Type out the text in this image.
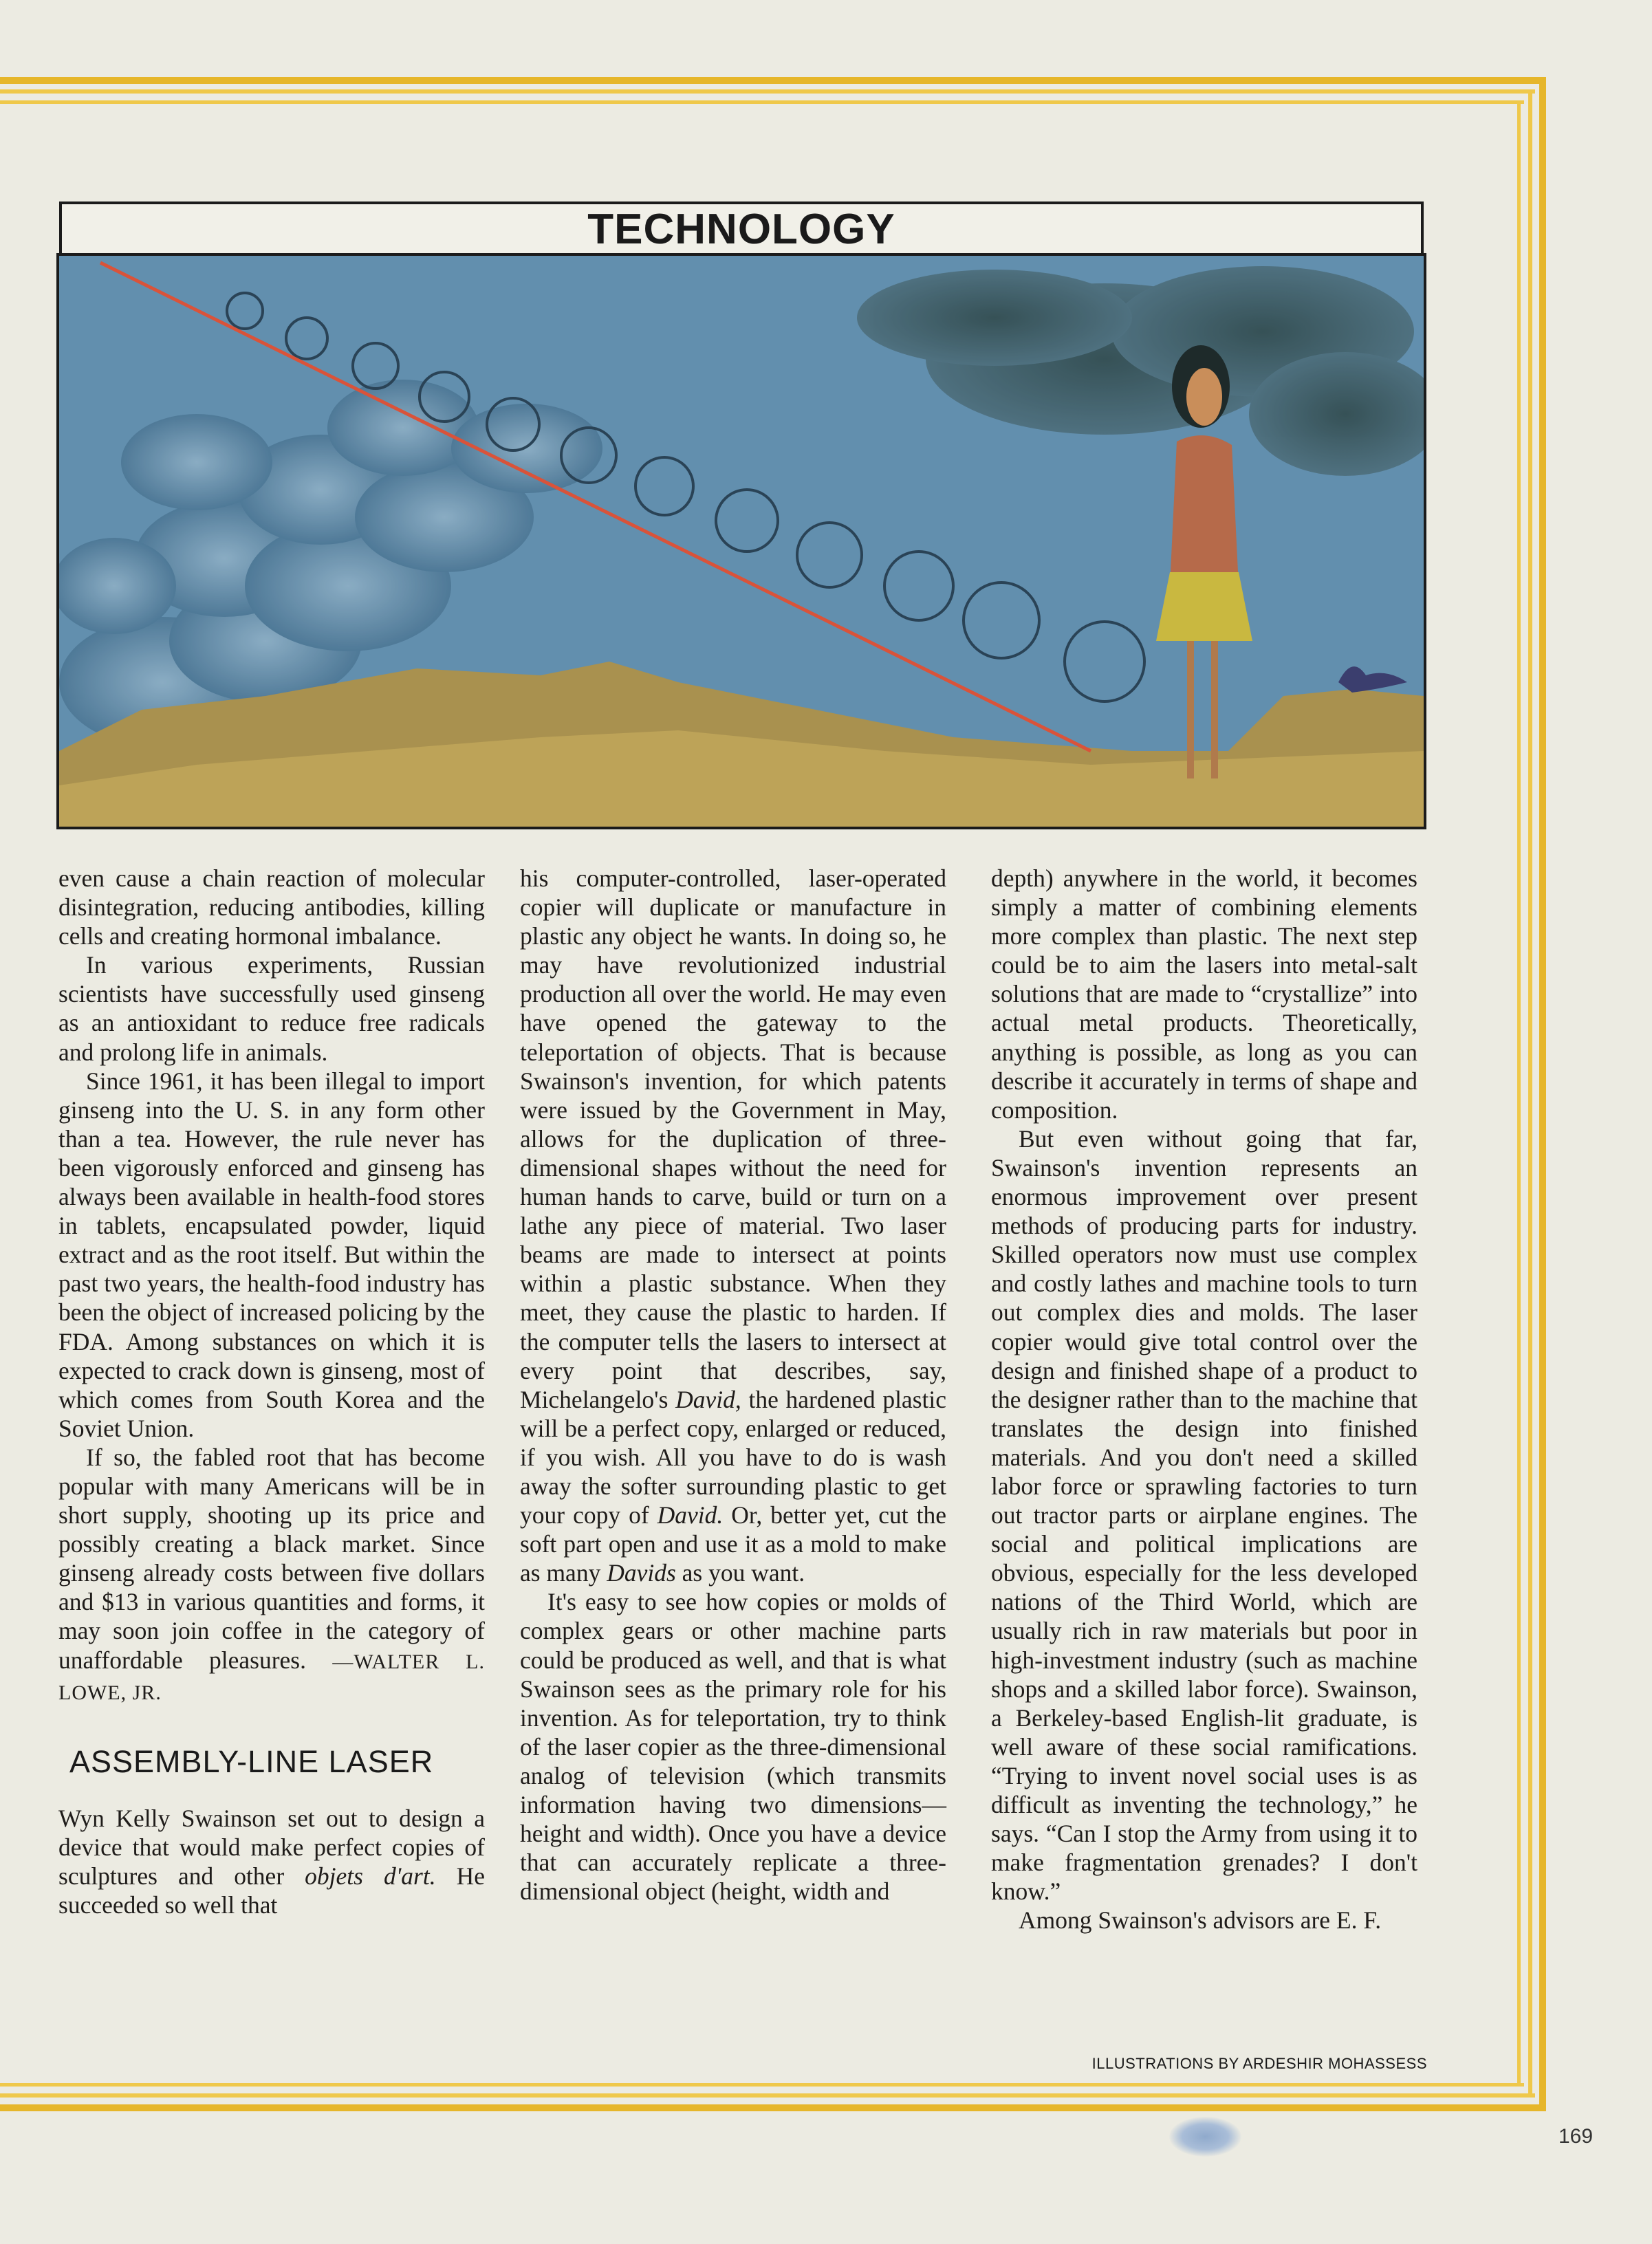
TECHNOLOGY

even cause a chain reaction of molecular disintegration, reducing antibodies, killing cells and creating hormonal imbalance.

In various experiments, Russian scientists have successfully used ginseng as an antioxidant to reduce free radicals and prolong life in animals.

Since 1961, it has been illegal to import ginseng into the U. S. in any form other than a tea. However, the rule never has been vigorously enforced and ginseng has always been available in health-food stores in tablets, encapsulated powder, liquid extract and as the root itself. But within the past two years, the health-food industry has been the object of increased policing by the FDA. Among substances on which it is expected to crack down is ginseng, most of which comes from South Korea and the Soviet Union.

If so, the fabled root that has become popular with many Americans will be in short supply, shooting up its price and possibly creating a black market. Since ginseng already costs between five dollars and $13 in various quantities and forms, it may soon join coffee in the category of unaffordable pleasures. —WALTER L. LOWE, JR.

ASSEMBLY-LINE LASER

Wyn Kelly Swainson set out to design a device that would make perfect copies of sculptures and other objets d'art. He succeeded so well that

his computer-controlled, laser-operated copier will duplicate or manufacture in plastic any object he wants. In doing so, he may have revolutionized industrial production all over the world. He may even have opened the gateway to the teleportation of objects. That is because Swainson's invention, for which patents were issued by the Government in May, allows for the duplication of three-dimensional shapes without the need for human hands to carve, build or turn on a lathe any piece of material. Two laser beams are made to intersect at points within a plastic substance. When they meet, they cause the plastic to harden. If the computer tells the lasers to intersect at every point that describes, say, Michelangelo's David, the hardened plastic will be a perfect copy, enlarged or reduced, if you wish. All you have to do is wash away the softer surrounding plastic to get your copy of David. Or, better yet, cut the soft part open and use it as a mold to make as many Davids as you want.

It's easy to see how copies or molds of complex gears or other machine parts could be produced as well, and that is what Swainson sees as the primary role for his invention. As for teleportation, try to think of the laser copier as the three-dimensional analog of television (which transmits information having two dimensions—height and width). Once you have a device that can accurately replicate a three-dimensional object (height, width and

depth) anywhere in the world, it becomes simply a matter of combining elements more complex than plastic. The next step could be to aim the lasers into metal-salt solutions that are made to “crystallize” into actual metal products. Theoretically, anything is possible, as long as you can describe it accurately in terms of shape and composition.

But even without going that far, Swainson's invention represents an enormous improvement over present methods of producing parts for industry. Skilled operators now must use complex and costly lathes and machine tools to turn out complex dies and molds. The laser copier would give total control over the design and finished shape of a product to the designer rather than to the machine that translates the design into finished materials. And you don't need a skilled labor force or sprawling factories to turn out tractor parts or airplane engines. The social and political implications are obvious, especially for the less developed nations of the Third World, which are usually rich in raw materials but poor in high-investment industry (such as machine shops and a skilled labor force). Swainson, a Berkeley-based English-lit graduate, is well aware of these social ramifications. “Trying to invent novel social uses is as difficult as inventing the technology,” he says. “Can I stop the Army from using it to make fragmentation grenades? I don't know.”

Among Swainson's advisors are E. F.

ILLUSTRATIONS BY ARDESHIR MOHASSESS
169
